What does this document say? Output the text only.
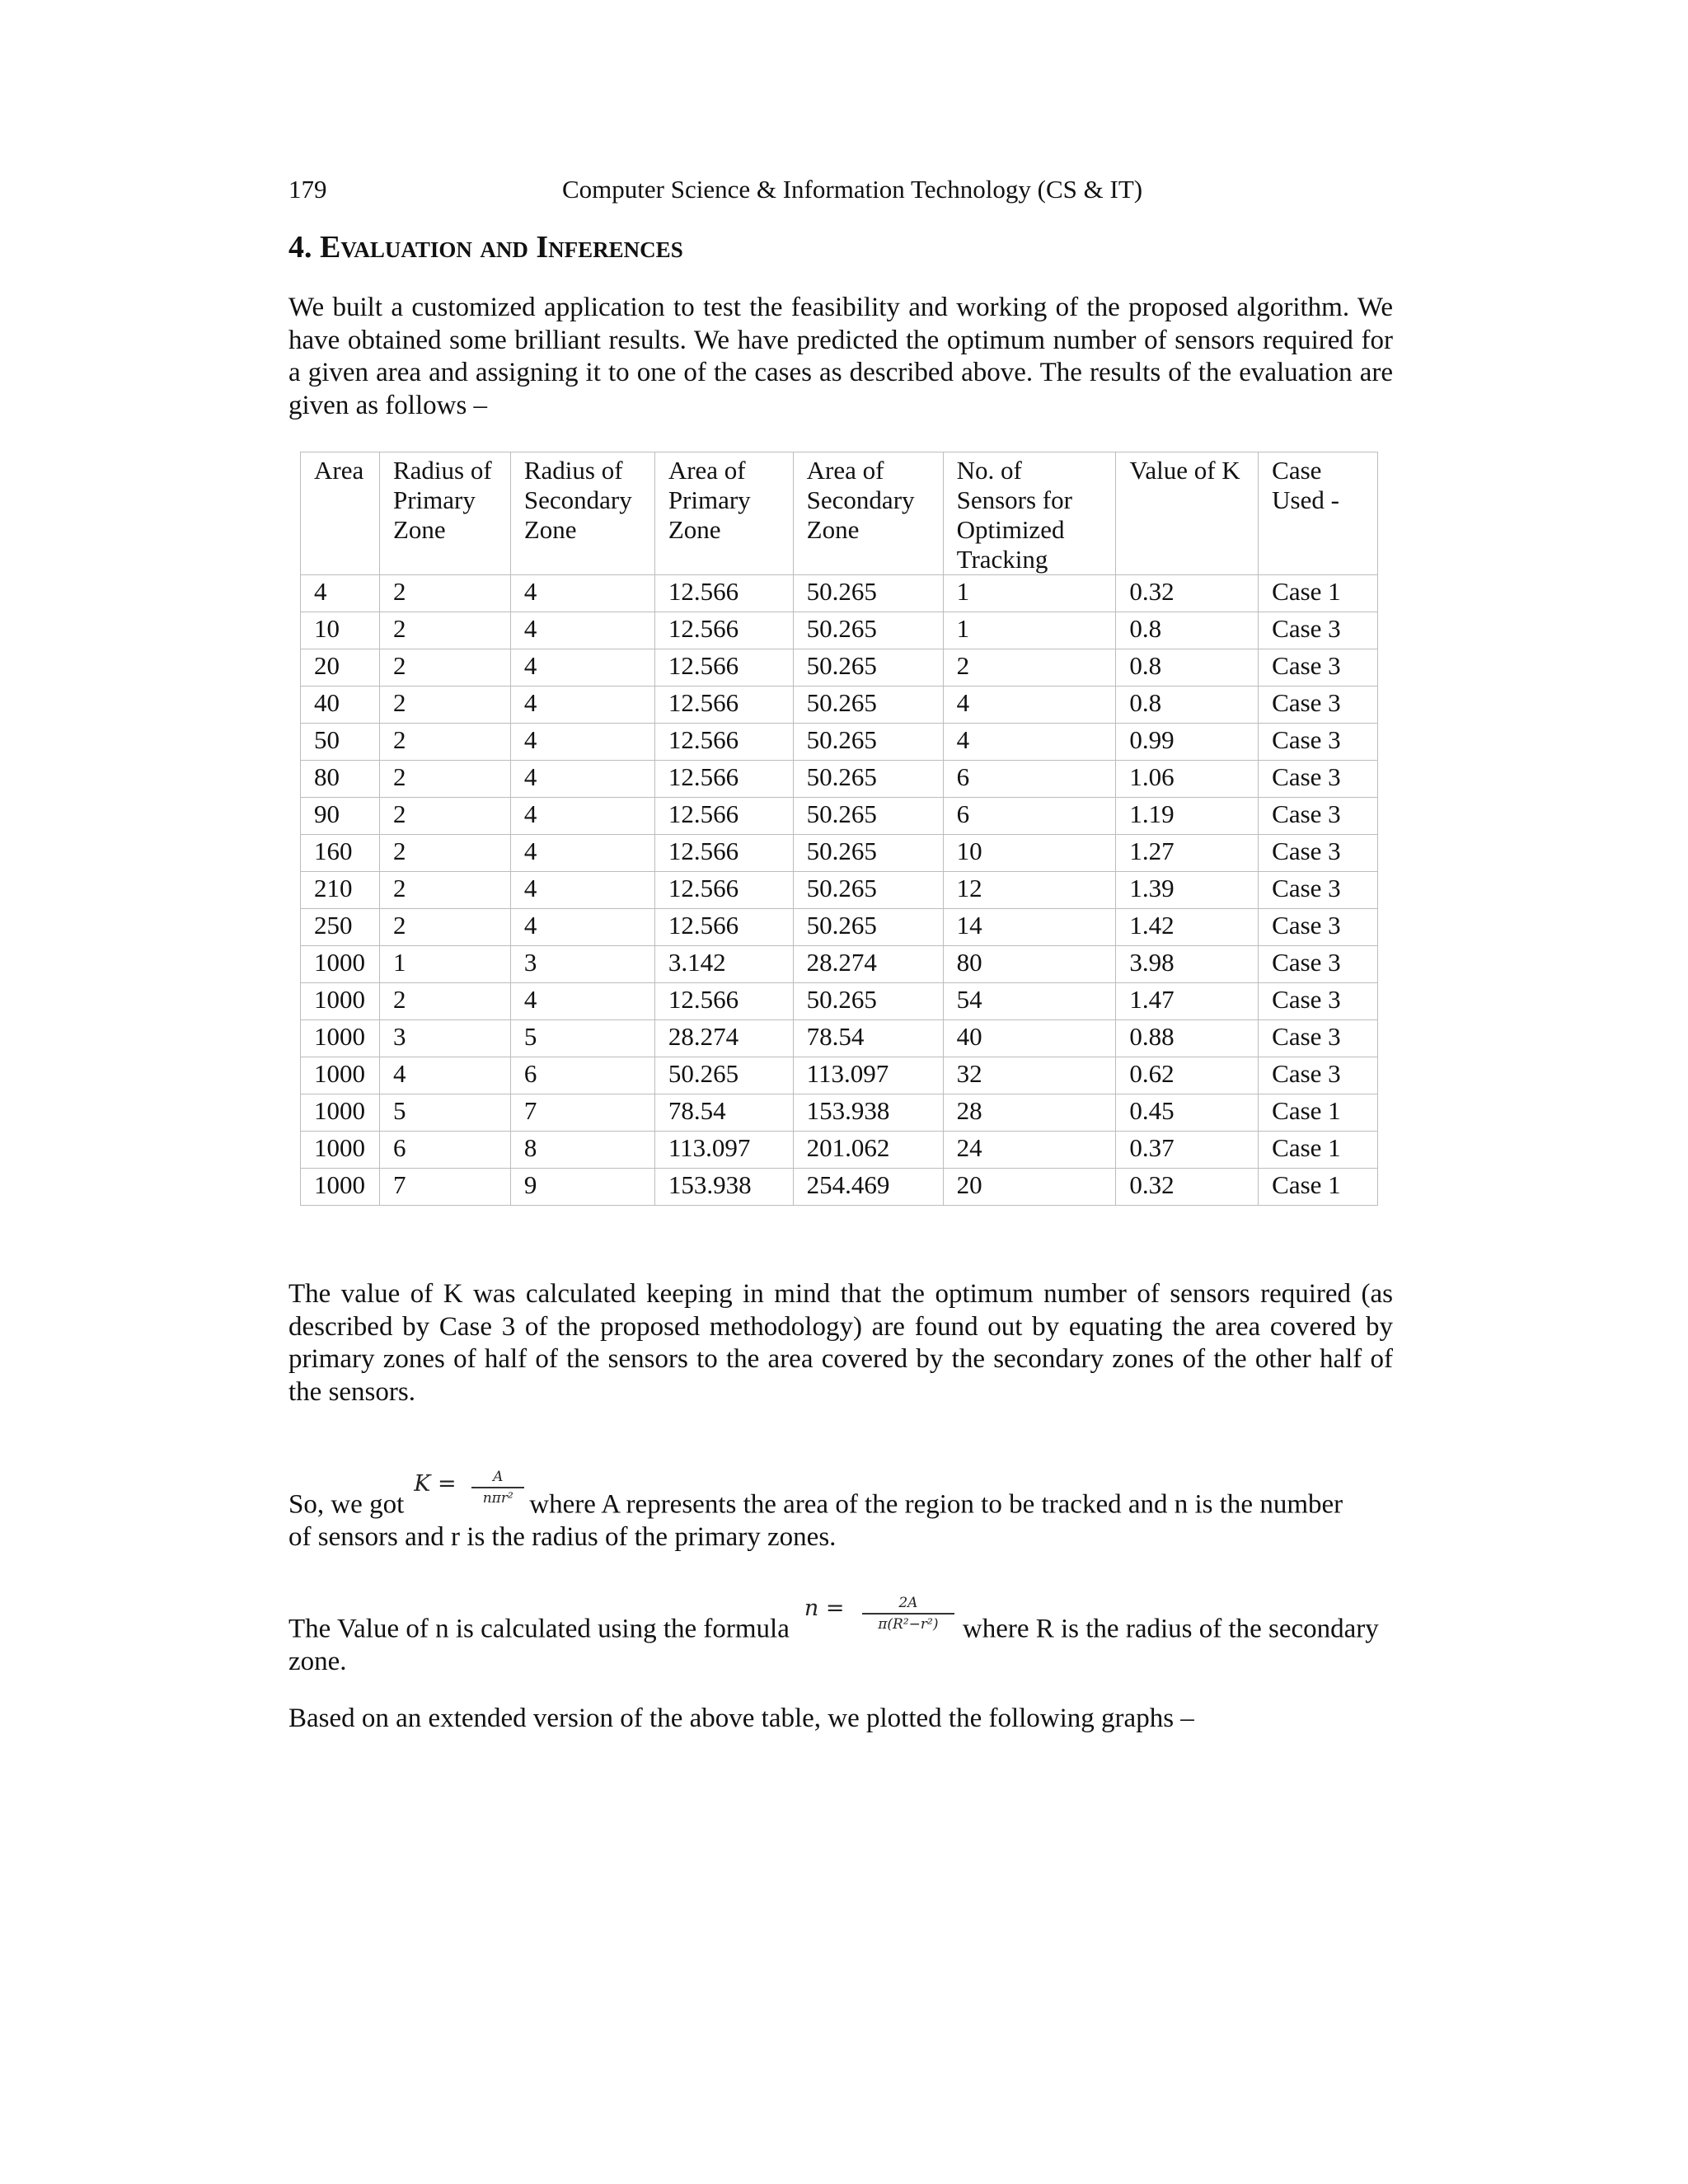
179	Computer Science & Information Technology (CS & IT)
4. Evaluation and Inferences

We built a customized application to test the feasibility and working of the proposed algorithm. We have obtained some brilliant results. We have predicted the optimum number of sensors required for a given area and assigning it to one of the cases as described above. The results of the evaluation are given as follows –

Area	Radius of Primary Zone	Radius of Secondary Zone	Area of Primary Zone	Area of Secondary Zone	No. of Sensors for Optimized Tracking	Value of K	Case Used -
4	2	4	12.566	50.265	1	0.32	Case 1
10	2	4	12.566	50.265	1	0.8	Case 3
20	2	4	12.566	50.265	2	0.8	Case 3
40	2	4	12.566	50.265	4	0.8	Case 3
50	2	4	12.566	50.265	4	0.99	Case 3
80	2	4	12.566	50.265	6	1.06	Case 3
90	2	4	12.566	50.265	6	1.19	Case 3
160	2	4	12.566	50.265	10	1.27	Case 3
210	2	4	12.566	50.265	12	1.39	Case 3
250	2	4	12.566	50.265	14	1.42	Case 3
1000	1	3	3.142	28.274	80	3.98	Case 3
1000	2	4	12.566	50.265	54	1.47	Case 3
1000	3	5	28.274	78.54	40	0.88	Case 3
1000	4	6	50.265	113.097	32	0.62	Case 3
1000	5	7	78.54	153.938	28	0.45	Case 1
1000	6	8	113.097	201.062	24	0.37	Case 1
1000	7	9	153.938	254.469	20	0.32	Case 1

The value of K was calculated keeping in mind that the optimum number of sensors required (as described by Case 3 of the proposed methodology) are found out by equating the area covered by primary zones of half of the sensors to the area covered by the secondary zones of the other half of the sensors.

So, we got
K =	A
nπr² where A represents the area of the region to be tracked and n is the number
of sensors and r is the radius of the primary zones.
The Value of n is calculated using the formula
n =	2A
π(R²−r²) where R is the radius of the secondary
zone.

Based on an extended version of the above table, we plotted the following graphs –
